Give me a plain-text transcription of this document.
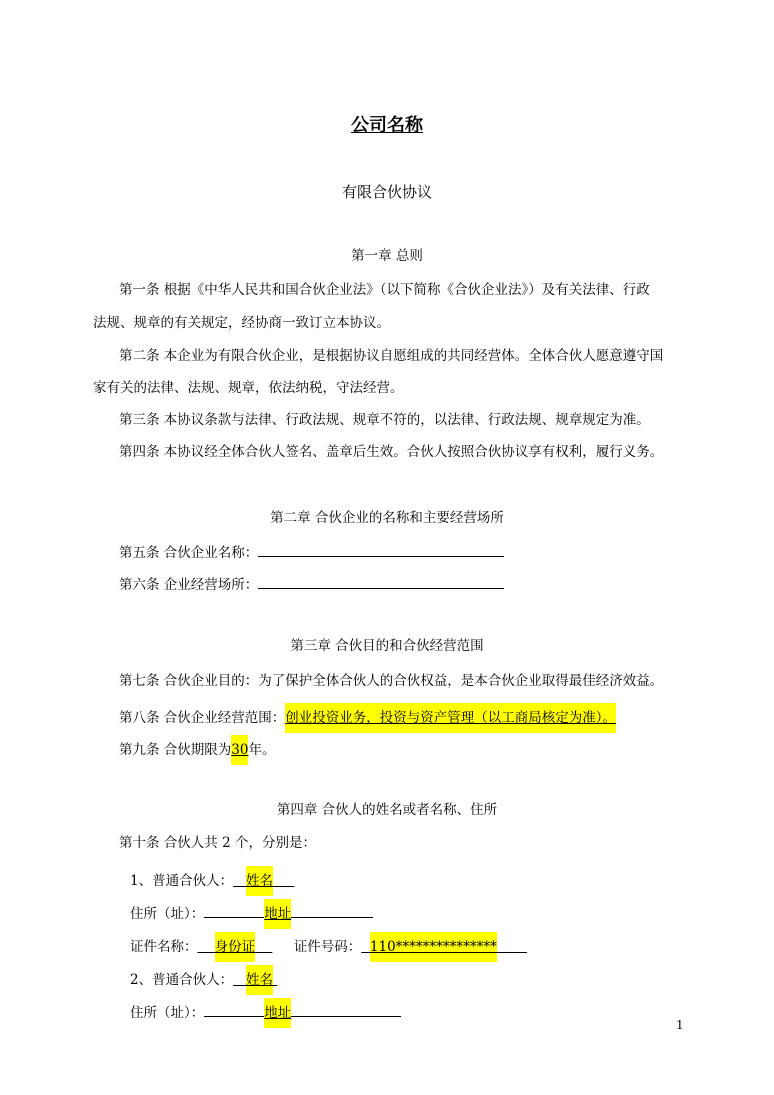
公司名称
有限合伙协议
第一章 总则
第一条 根据《中华人民共和国合伙企业法》（以下简称《合伙企业法》）及有关法律、行政
法规、规章的有关规定，经协商一致订立本协议。
第二条 本企业为有限合伙企业，是根据协议自愿组成的共同经营体。全体合伙人愿意遵守国
家有关的法律、法规、规章，依法纳税，守法经营。
第三条 本协议条款与法律、行政法规、规章不符的，以法律、行政法规、规章规定为准。
第四条 本协议经全体合伙人签名、盖章后生效。合伙人按照合伙协议享有权利，履行义务。
第二章 合伙企业的名称和主要经营场所
第五条 合伙企业名称：
第六条 企业经营场所：
第三章 合伙目的和合伙经营范围
第七条 合伙企业目的：为了保护全体合伙人的合伙权益，是本合伙企业取得最佳经济效益。
第八条 合伙企业经营范围：创业投资业务，投资与资产管理（以工商局核定为准）。
第九条 合伙期限为30年。
第四章 合伙人的姓名或者名称、住所
第十条 合伙人共 2 个，分别是：
1、普通合伙人： 姓名
住所（址）：	地址
证件名称： 身份证	证件号码： 110***************
2、普通合伙人： 姓名
住所（址）：	地址
1
